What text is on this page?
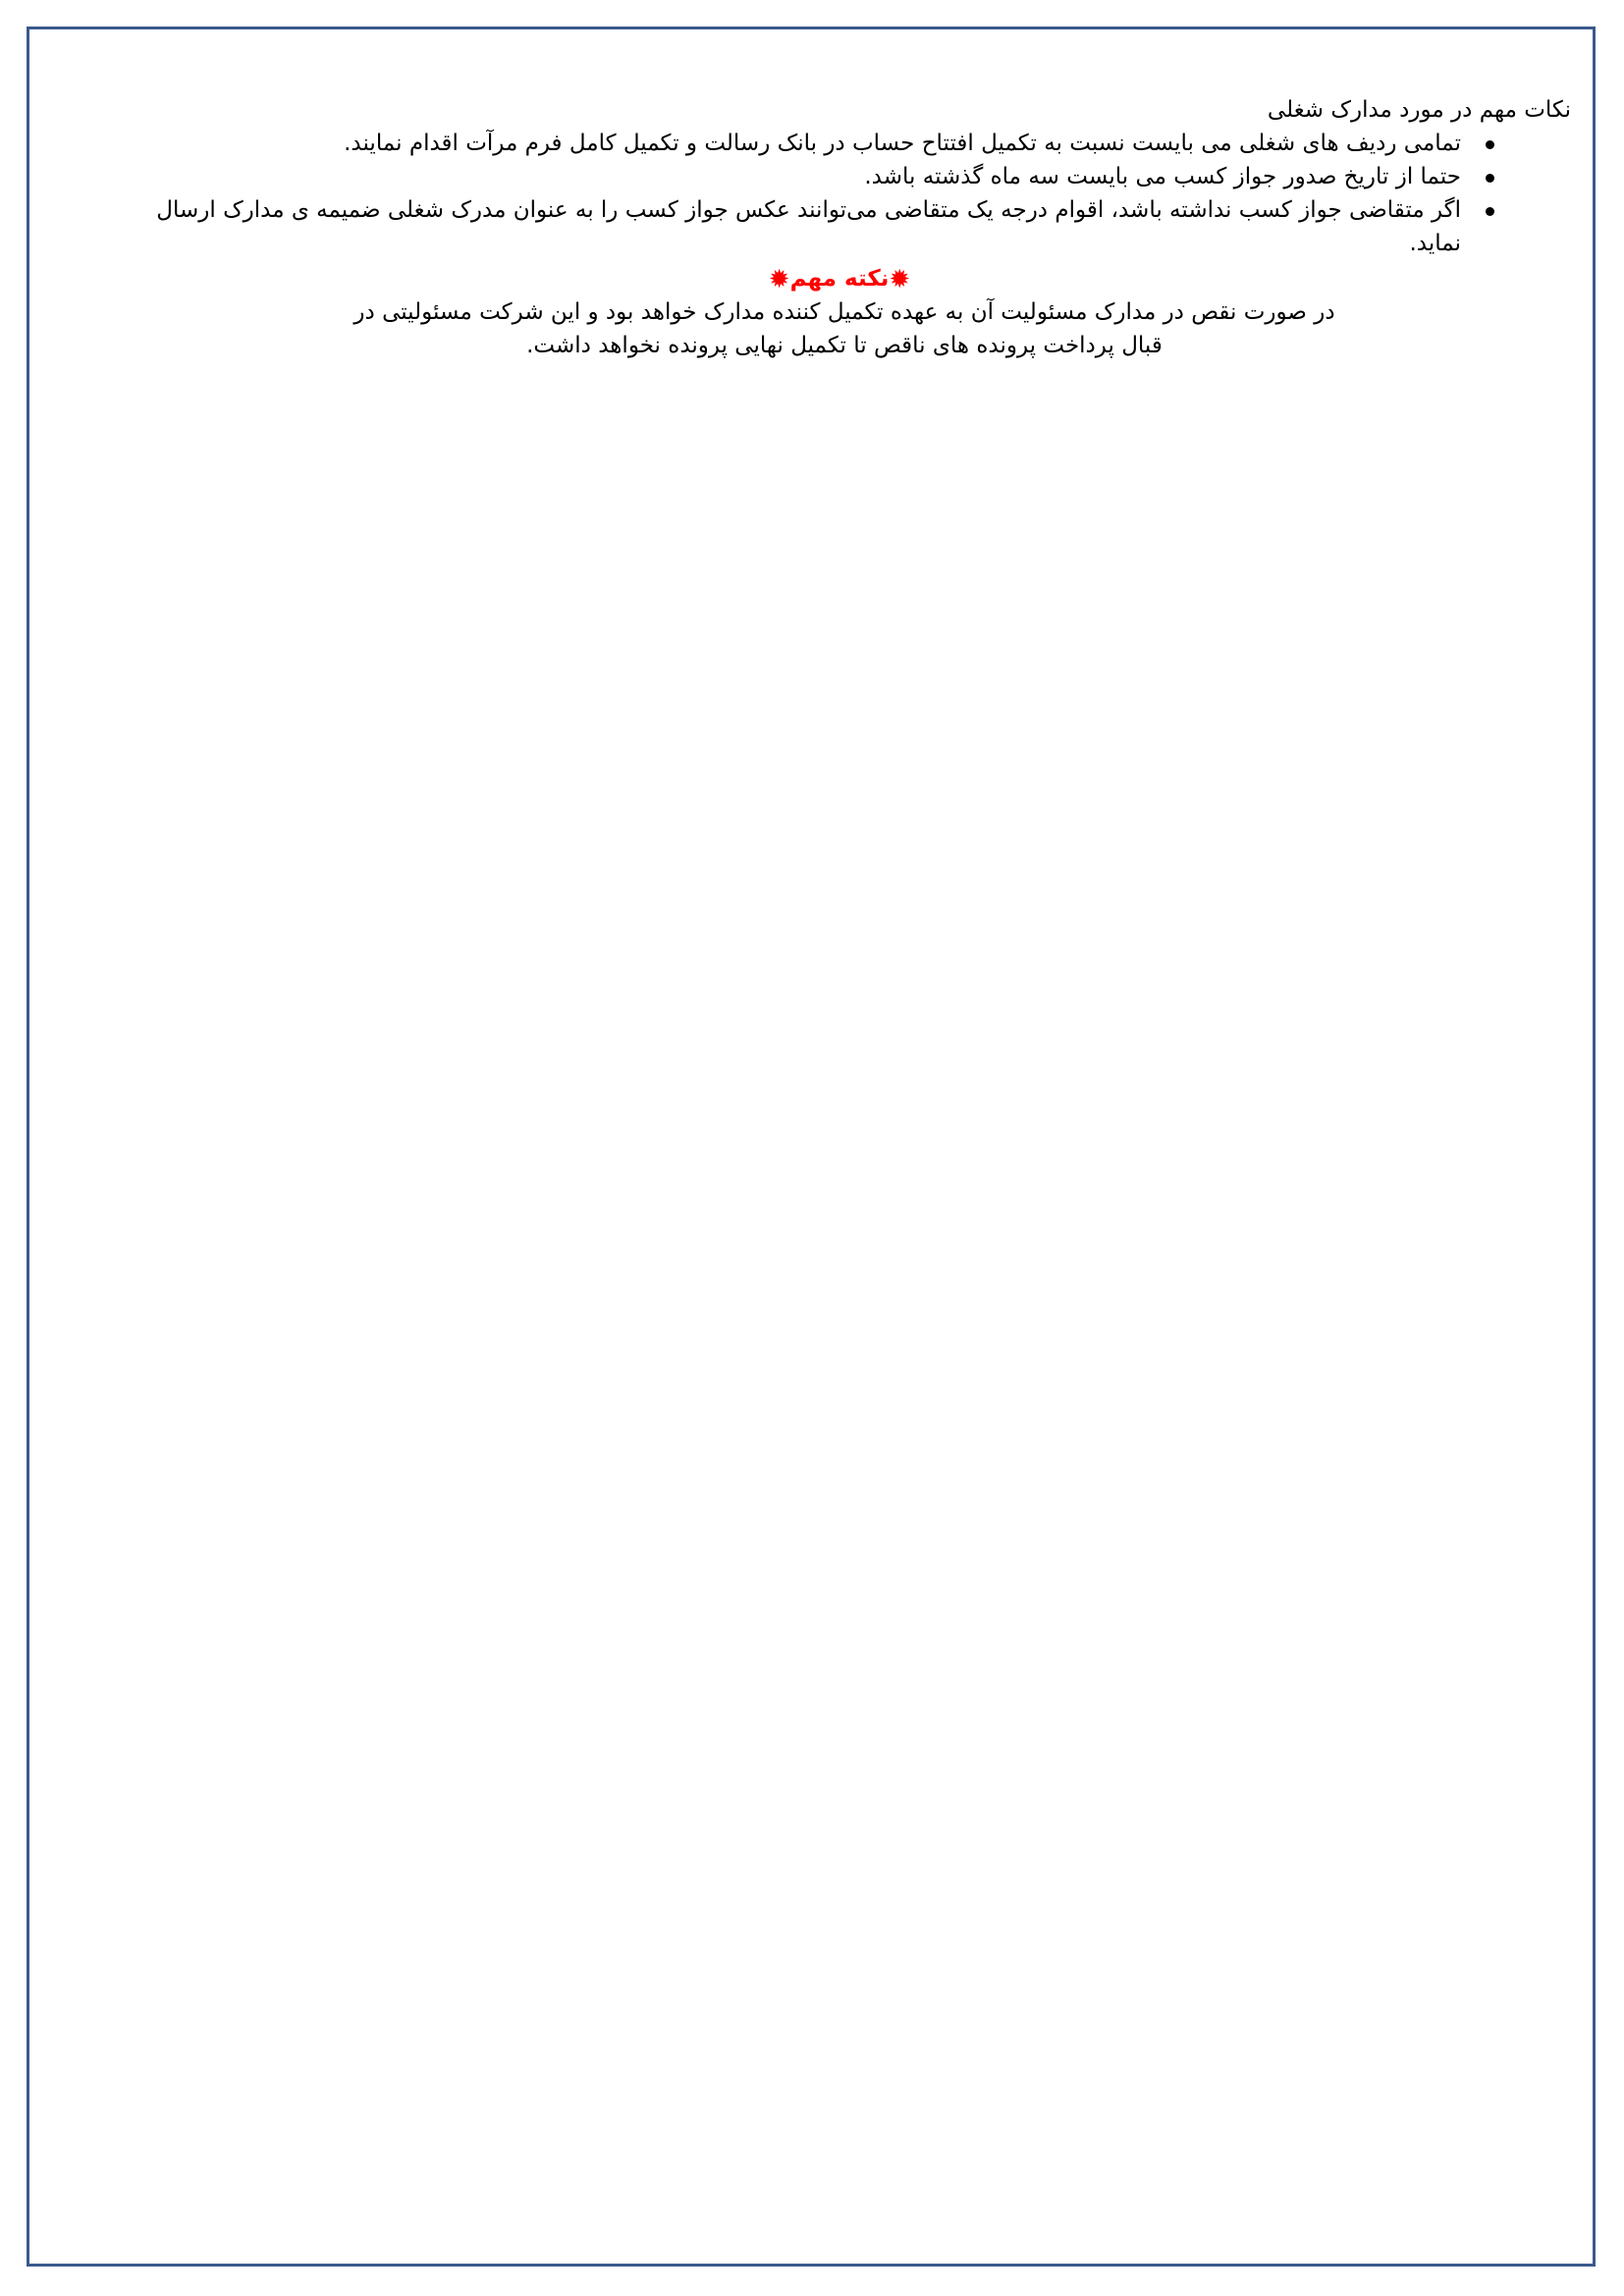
نکات مهم در مورد مدارک شغلی

تمامی ردیف های شغلی می بایست نسبت به تکمیل افتتاح حساب در بانک رسالت و تکمیل کامل فرم مرآت اقدام نمایند.
حتما از تاریخ صدور جواز کسب می بایست سه ماه گذشته باشد.
اگر متقاضی جواز کسب نداشته باشد، اقوام درجه یک متقاضی می‌توانند عکس جواز کسب را به عنوان مدرک شغلی ضمیمه ی مدارک ارسال نماید.

✹نکته مهم✹

در صورت نقص در مدارک مسئولیت آن به عهده تکمیل کننده مدارک خواهد بود و این شرکت مسئولیتی در
قبال پرداخت پرونده های ناقص تا تکمیل نهایی پرونده نخواهد داشت.
